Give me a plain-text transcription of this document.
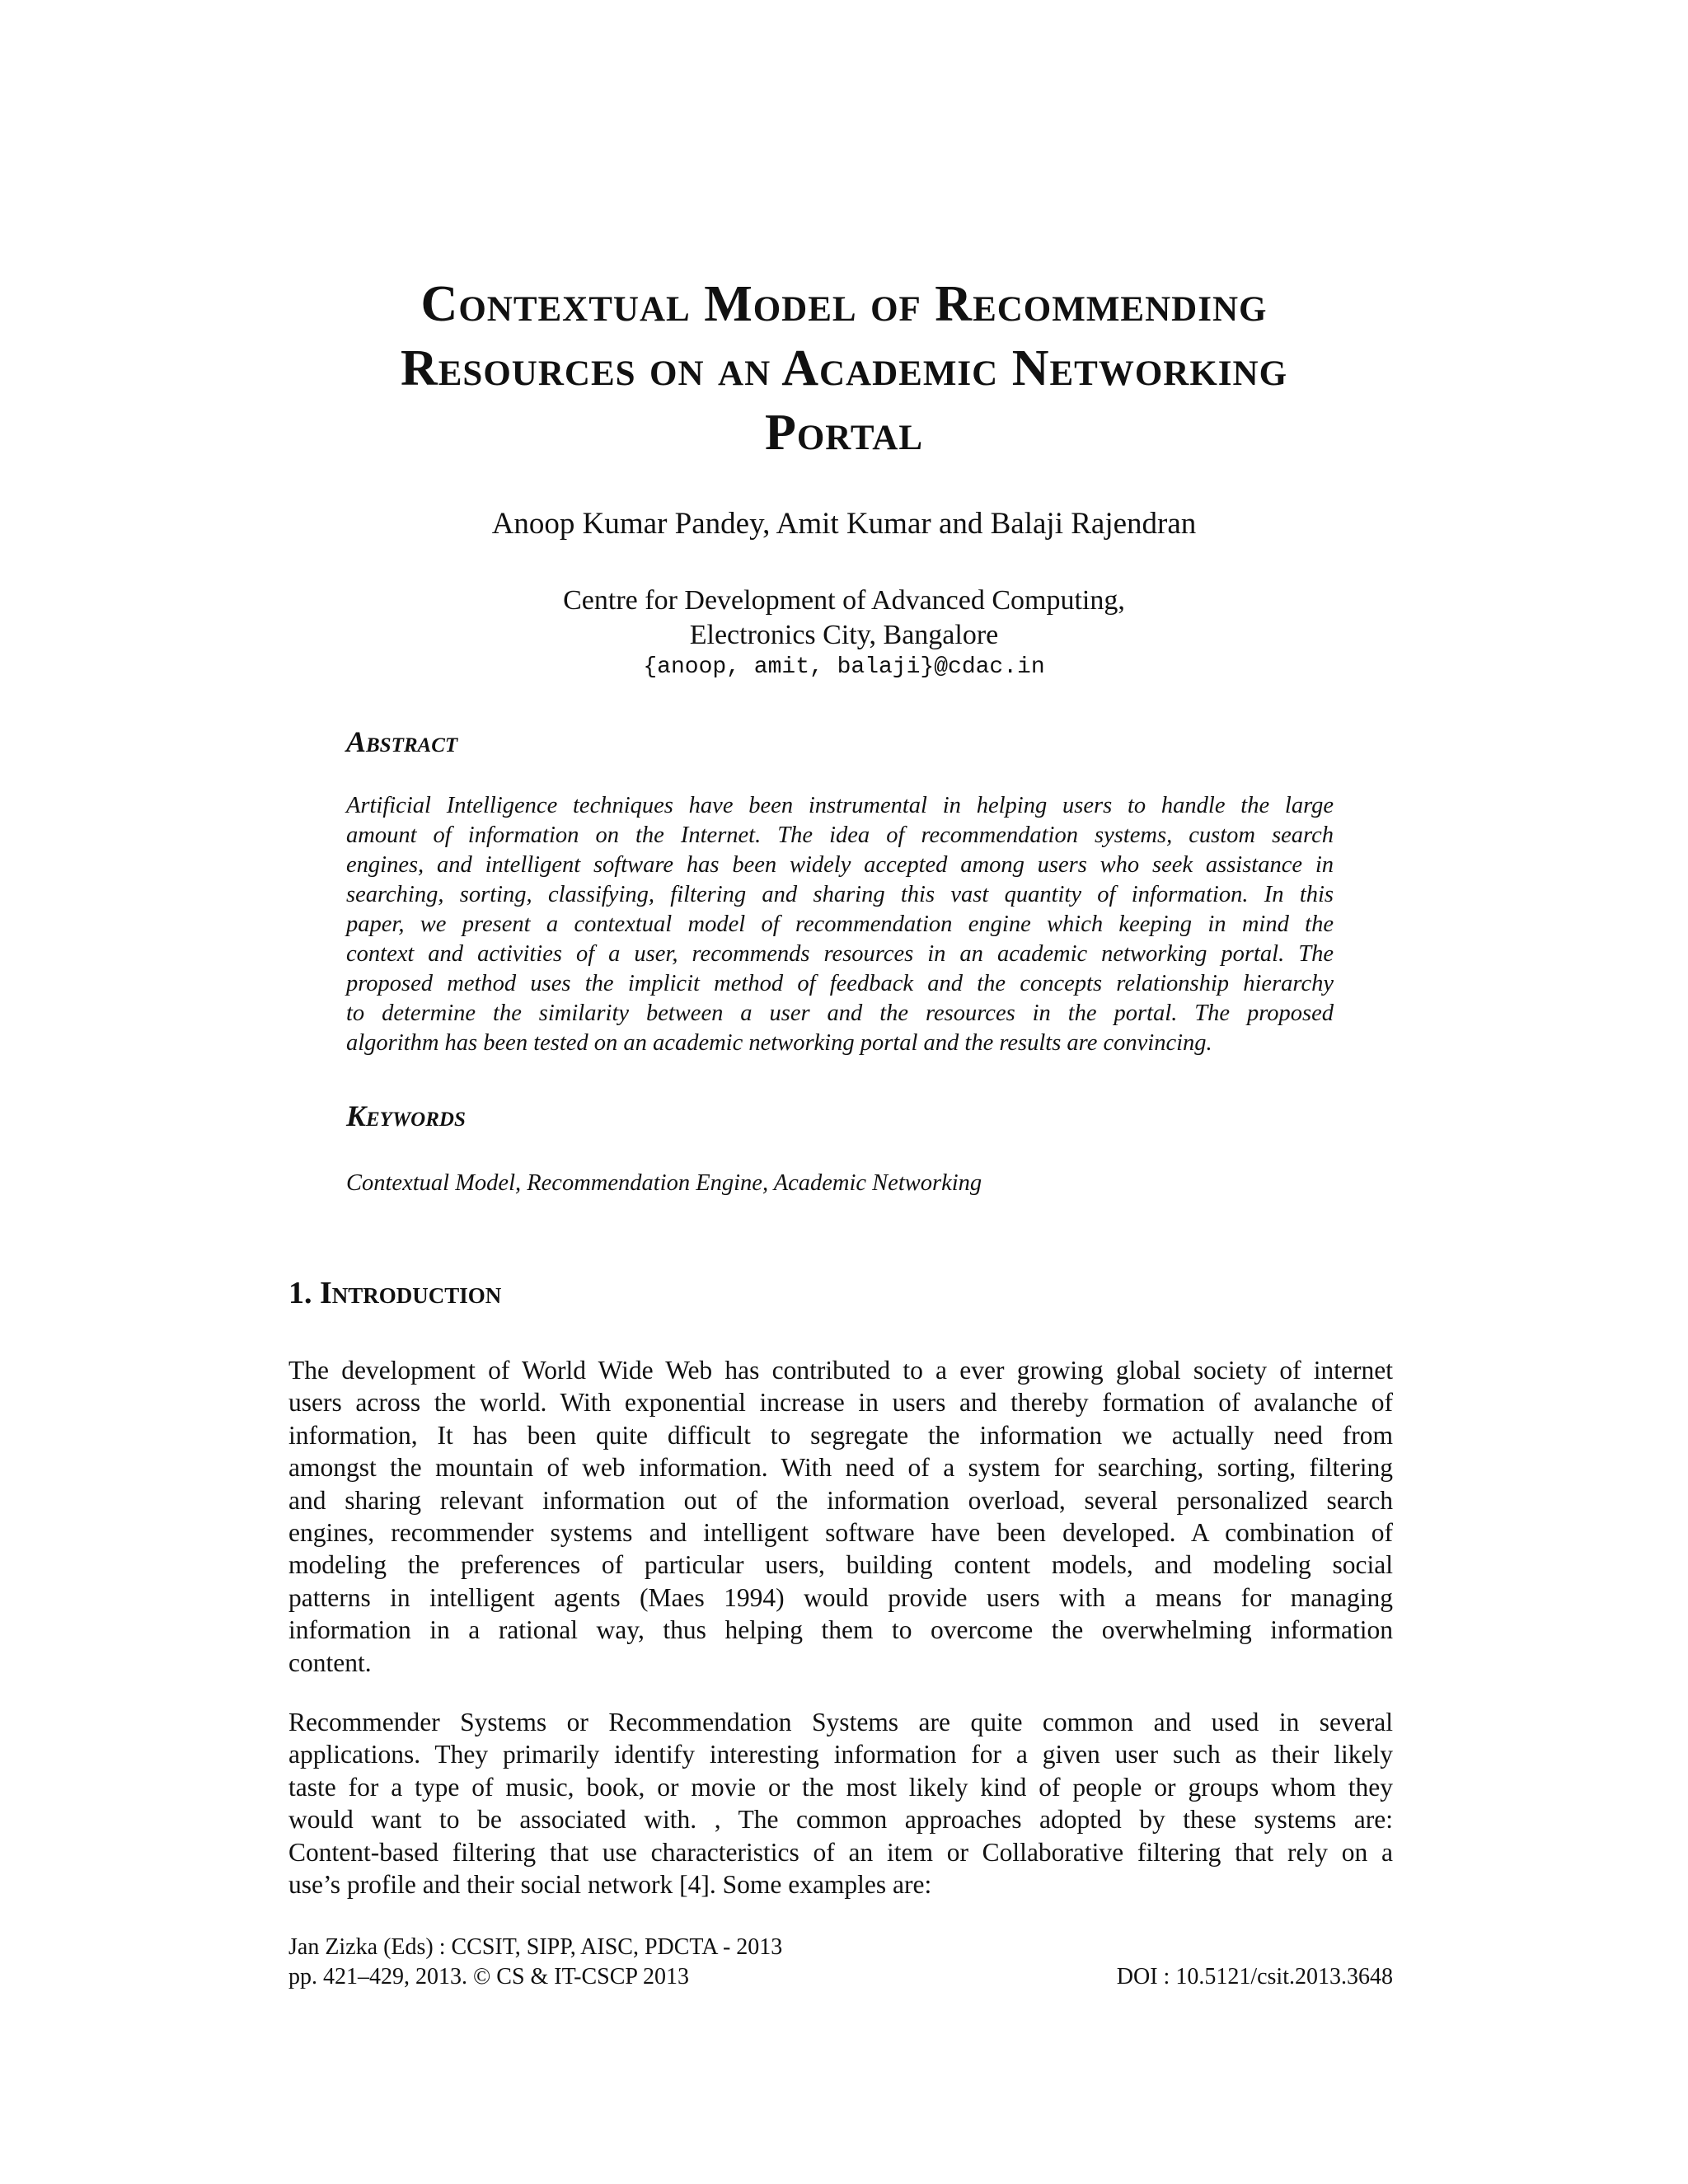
Contextual Model of Recommending
Resources on an Academic Networking
Portal
Anoop Kumar Pandey, Amit Kumar and Balaji Rajendran
Centre for Development of Advanced Computing,
Electronics City, Bangalore
{anoop, amit, balaji}@cdac.in
Abstract
Artificial Intelligence techniques have been instrumental in helping users to handle the large
amount of information on the Internet. The idea of recommendation systems, custom search
engines, and intelligent software has been widely accepted among users who seek assistance in
searching, sorting, classifying, filtering and sharing this vast quantity of information. In this
paper, we present a contextual model of recommendation engine which keeping in mind the
context and activities of a user, recommends resources in an academic networking portal. The
proposed method uses the implicit method of feedback and the concepts relationship hierarchy
to determine the similarity between a user and the resources in the portal. The proposed
algorithm has been tested on an academic networking portal and the results are convincing.
Keywords
Contextual Model, Recommendation Engine, Academic Networking
1. Introduction
The development of World Wide Web has contributed to a ever growing global society of internet
users across the world. With exponential increase in users and thereby formation of avalanche of
information, It has been quite difficult to segregate the information we actually need from
amongst the mountain of web information. With need of a system for searching, sorting, filtering
and sharing relevant information out of the information overload, several personalized search
engines, recommender systems and intelligent software have been developed. A combination of
modeling the preferences of particular users, building content models, and modeling social
patterns in intelligent agents (Maes 1994) would provide users with a means for managing
information in a rational way, thus helping them to overcome the overwhelming information
content.
Recommender Systems or Recommendation Systems are quite common and used in several
applications. They primarily identify interesting information for a given user such as their likely
taste for a type of music, book, or movie or the most likely kind of people or groups whom they
would want to be associated with. , The common approaches adopted by these systems are:
Content-based filtering that use characteristics of an item or Collaborative filtering that rely on a
use’s profile and their social network [4]. Some examples are:
Jan Zizka (Eds) : CCSIT, SIPP, AISC, PDCTA - 2013
pp. 421–429, 2013. © CS & IT-CSCP 2013	DOI : 10.5121/csit.2013.3648
